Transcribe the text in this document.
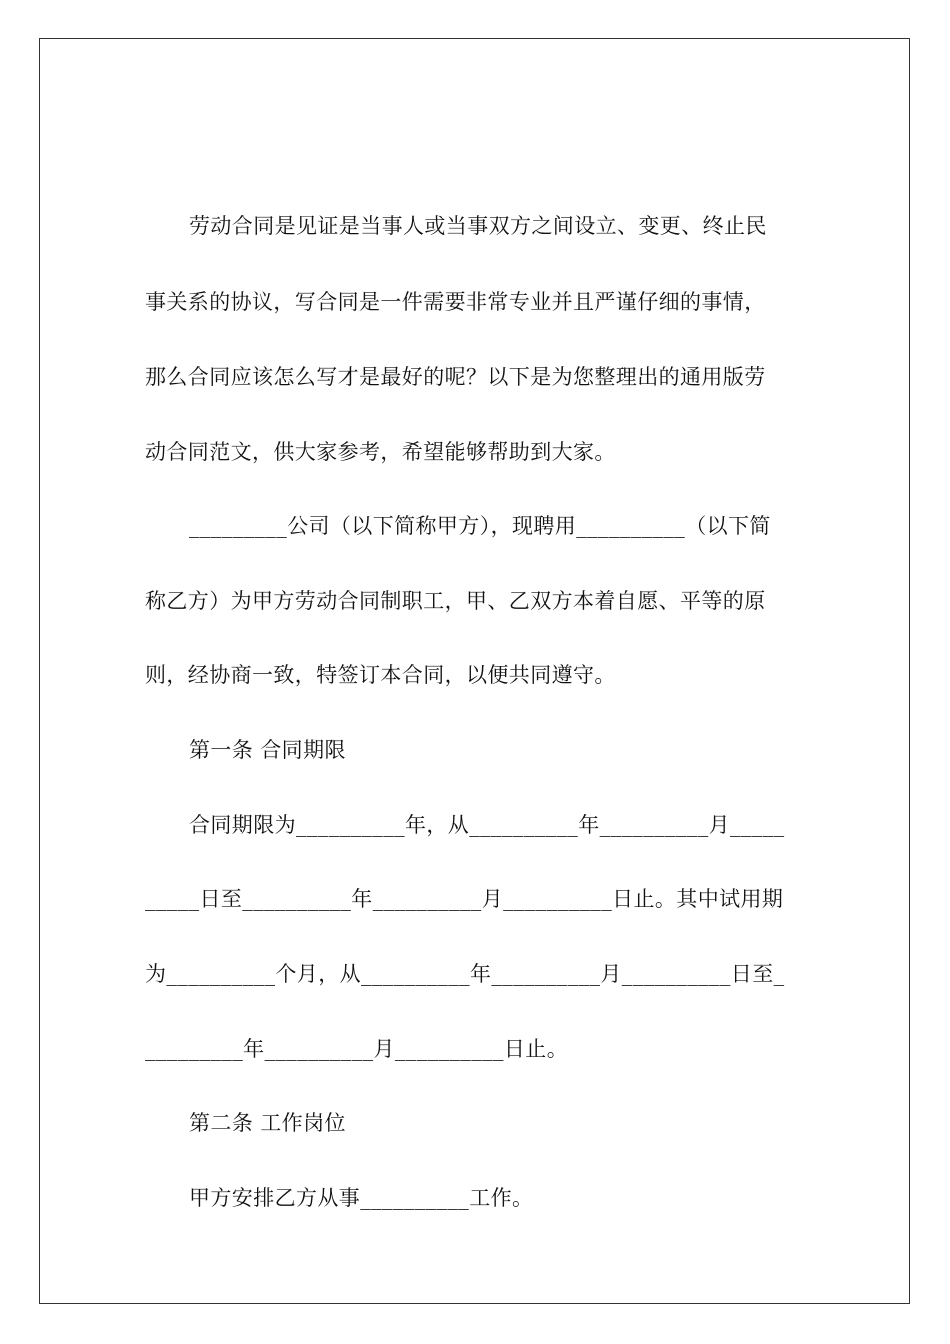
劳动合同是见证是当事人或当事双方之间设立、变更、终止民
事关系的协议，写合同是一件需要非常专业并且严谨仔细的事情，
那么合同应该怎么写才是最好的呢？以下是为您整理出的通用版劳
动合同范文，供大家参考，希望能够帮助到大家。
_________公司（以下简称甲方），现聘用__________（以下简
称乙方）为甲方劳动合同制职工，甲、乙双方本着自愿、平等的原
则，经协商一致，特签订本合同，以便共同遵守。
第一条 合同期限
合同期限为__________年，从__________年__________月_____
_____日至__________年__________月__________日止。其中试用期
为__________个月，从__________年__________月__________日至_
_________年__________月__________日止。
第二条 工作岗位
甲方安排乙方从事__________工作。
